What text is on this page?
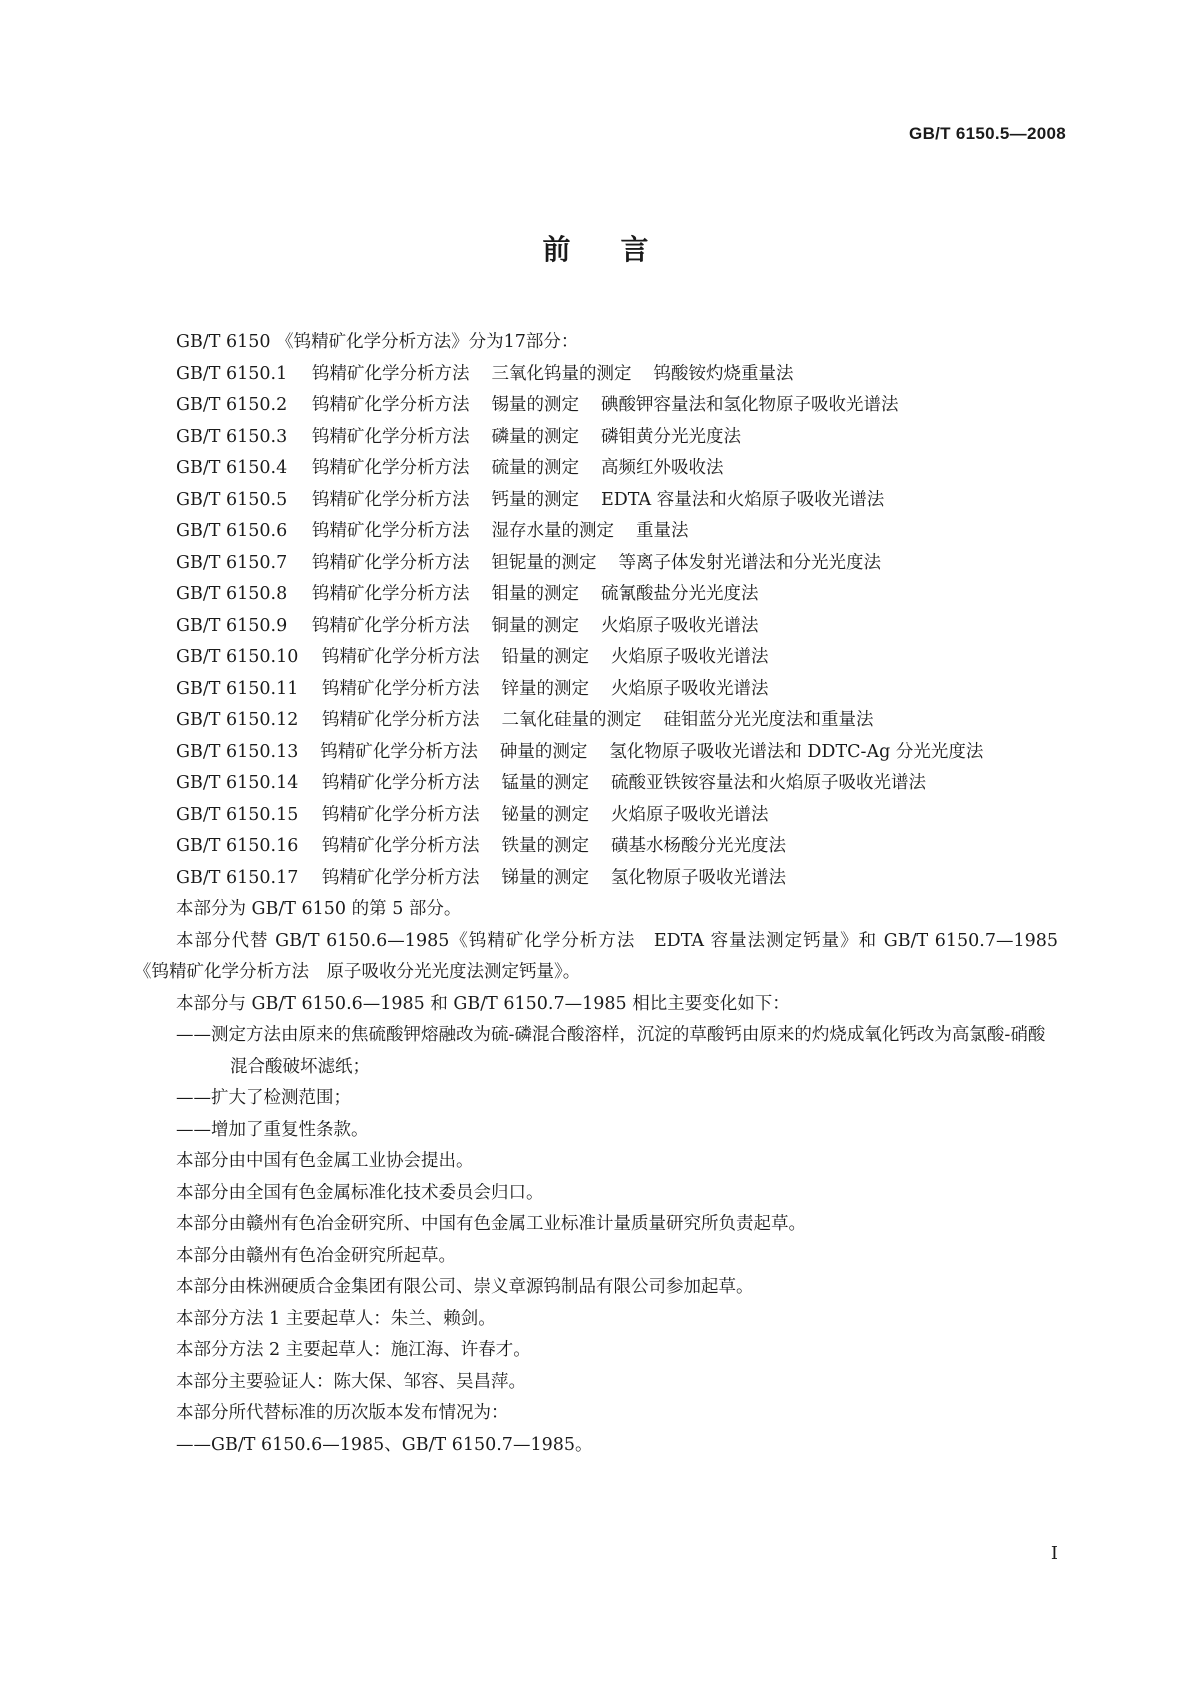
GB/T 6150.5—2008
前言

GB/T 6150 《钨精矿化学分析方法》分为17部分：

GB/T 6150.1 钨精矿化学分析方法 三氧化钨量的测定 钨酸铵灼烧重量法

GB/T 6150.2 钨精矿化学分析方法 锡量的测定 碘酸钾容量法和氢化物原子吸收光谱法

GB/T 6150.3 钨精矿化学分析方法 磷量的测定 磷钼黄分光光度法

GB/T 6150.4 钨精矿化学分析方法 硫量的测定 高频红外吸收法

GB/T 6150.5 钨精矿化学分析方法 钙量的测定 EDTA 容量法和火焰原子吸收光谱法

GB/T 6150.6 钨精矿化学分析方法 湿存水量的测定 重量法

GB/T 6150.7 钨精矿化学分析方法 钽铌量的测定 等离子体发射光谱法和分光光度法

GB/T 6150.8 钨精矿化学分析方法 钼量的测定 硫氰酸盐分光光度法

GB/T 6150.9 钨精矿化学分析方法 铜量的测定 火焰原子吸收光谱法

GB/T 6150.10 钨精矿化学分析方法 铅量的测定 火焰原子吸收光谱法

GB/T 6150.11 钨精矿化学分析方法 锌量的测定 火焰原子吸收光谱法

GB/T 6150.12 钨精矿化学分析方法 二氧化硅量的测定 硅钼蓝分光光度法和重量法

GB/T 6150.13 钨精矿化学分析方法 砷量的测定 氢化物原子吸收光谱法和 DDTC-Ag 分光光度法

GB/T 6150.14 钨精矿化学分析方法 锰量的测定 硫酸亚铁铵容量法和火焰原子吸收光谱法

GB/T 6150.15 钨精矿化学分析方法 铋量的测定 火焰原子吸收光谱法

GB/T 6150.16 钨精矿化学分析方法 铁量的测定 磺基水杨酸分光光度法

GB/T 6150.17 钨精矿化学分析方法 锑量的测定 氢化物原子吸收光谱法

本部分为 GB/T 6150 的第 5 部分。

本部分代替 GB/T 6150.6—1985《钨精矿化学分析方法　EDTA 容量法测定钙量》和 GB/T 6150.7—1985《钨精矿化学分析方法　原子吸收分光光度法测定钙量》。

本部分与 GB/T 6150.6—1985 和 GB/T 6150.7—1985 相比主要变化如下：

——测定方法由原来的焦硫酸钾熔融改为硫-磷混合酸溶样，沉淀的草酸钙由原来的灼烧成氧化钙改为高氯酸-硝酸混合酸破坏滤纸；

——扩大了检测范围；

——增加了重复性条款。

本部分由中国有色金属工业协会提出。

本部分由全国有色金属标准化技术委员会归口。

本部分由赣州有色冶金研究所、中国有色金属工业标准计量质量研究所负责起草。

本部分由赣州有色冶金研究所起草。

本部分由株洲硬质合金集团有限公司、崇义章源钨制品有限公司参加起草。

本部分方法 1 主要起草人：朱兰、赖剑。

本部分方法 2 主要起草人：施江海、许春才。

本部分主要验证人：陈大保、邹容、吴昌萍。

本部分所代替标准的历次版本发布情况为：

——GB/T 6150.6—1985、GB/T 6150.7—1985。

I
